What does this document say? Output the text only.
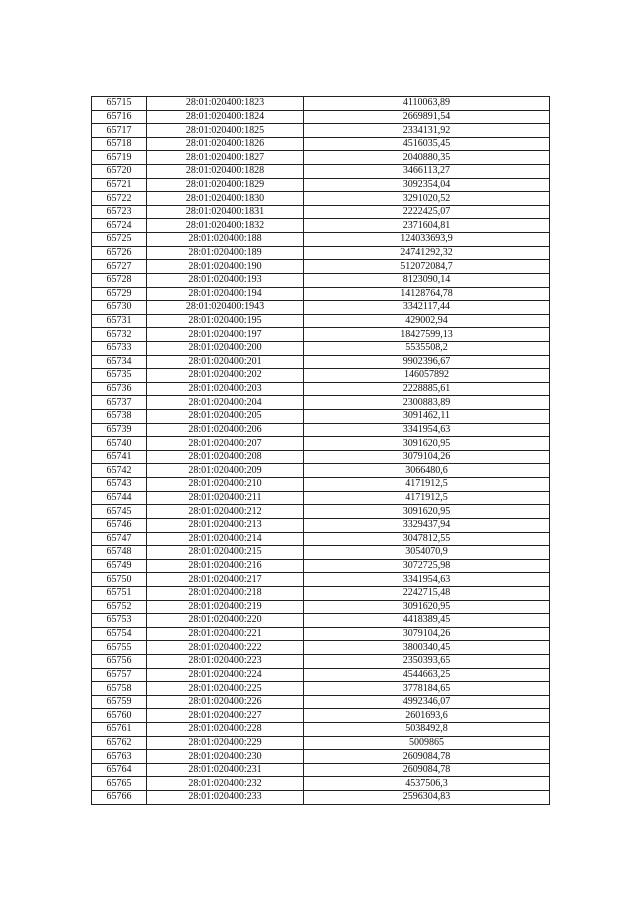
65715	28:01:020400:1823	4110063,89
65716	28:01:020400:1824	2669891,54
65717	28:01:020400:1825	2334131,92
65718	28:01:020400:1826	4516035,45
65719	28:01:020400:1827	2040880,35
65720	28:01:020400:1828	3466113,27
65721	28:01:020400:1829	3092354,04
65722	28:01:020400:1830	3291020,52
65723	28:01:020400:1831	2222425,07
65724	28:01:020400:1832	2371604,81
65725	28:01:020400:188	124033693,9
65726	28:01:020400:189	24741292,32
65727	28:01:020400:190	512072084,7
65728	28:01:020400:193	8123090,14
65729	28:01:020400:194	14128764,78
65730	28:01:020400:1943	3342117,44
65731	28:01:020400:195	429002,94
65732	28:01:020400:197	18427599,13
65733	28:01:020400:200	5535508,2
65734	28:01:020400:201	9902396,67
65735	28:01:020400:202	146057892
65736	28:01:020400:203	2228885,61
65737	28:01:020400:204	2300883,89
65738	28:01:020400:205	3091462,11
65739	28:01:020400:206	3341954,63
65740	28:01:020400:207	3091620,95
65741	28:01:020400:208	3079104,26
65742	28:01:020400:209	3066480,6
65743	28:01:020400:210	4171912,5
65744	28:01:020400:211	4171912,5
65745	28:01:020400:212	3091620,95
65746	28:01:020400:213	3329437,94
65747	28:01:020400:214	3047812,55
65748	28:01:020400:215	3054070,9
65749	28:01:020400:216	3072725,98
65750	28:01:020400:217	3341954,63
65751	28:01:020400:218	2242715,48
65752	28:01:020400:219	3091620,95
65753	28:01:020400:220	4418389,45
65754	28:01:020400:221	3079104,26
65755	28:01:020400:222	3800340,45
65756	28:01:020400:223	2350393,65
65757	28:01:020400:224	4544663,25
65758	28:01:020400:225	3778184,65
65759	28:01:020400:226	4992346,07
65760	28:01:020400:227	2601693,6
65761	28:01:020400:228	5038492,8
65762	28:01:020400:229	5009865
65763	28:01:020400:230	2609084,78
65764	28:01:020400:231	2609084,78
65765	28:01:020400:232	4537506,3
65766	28:01:020400:233	2596304,83
